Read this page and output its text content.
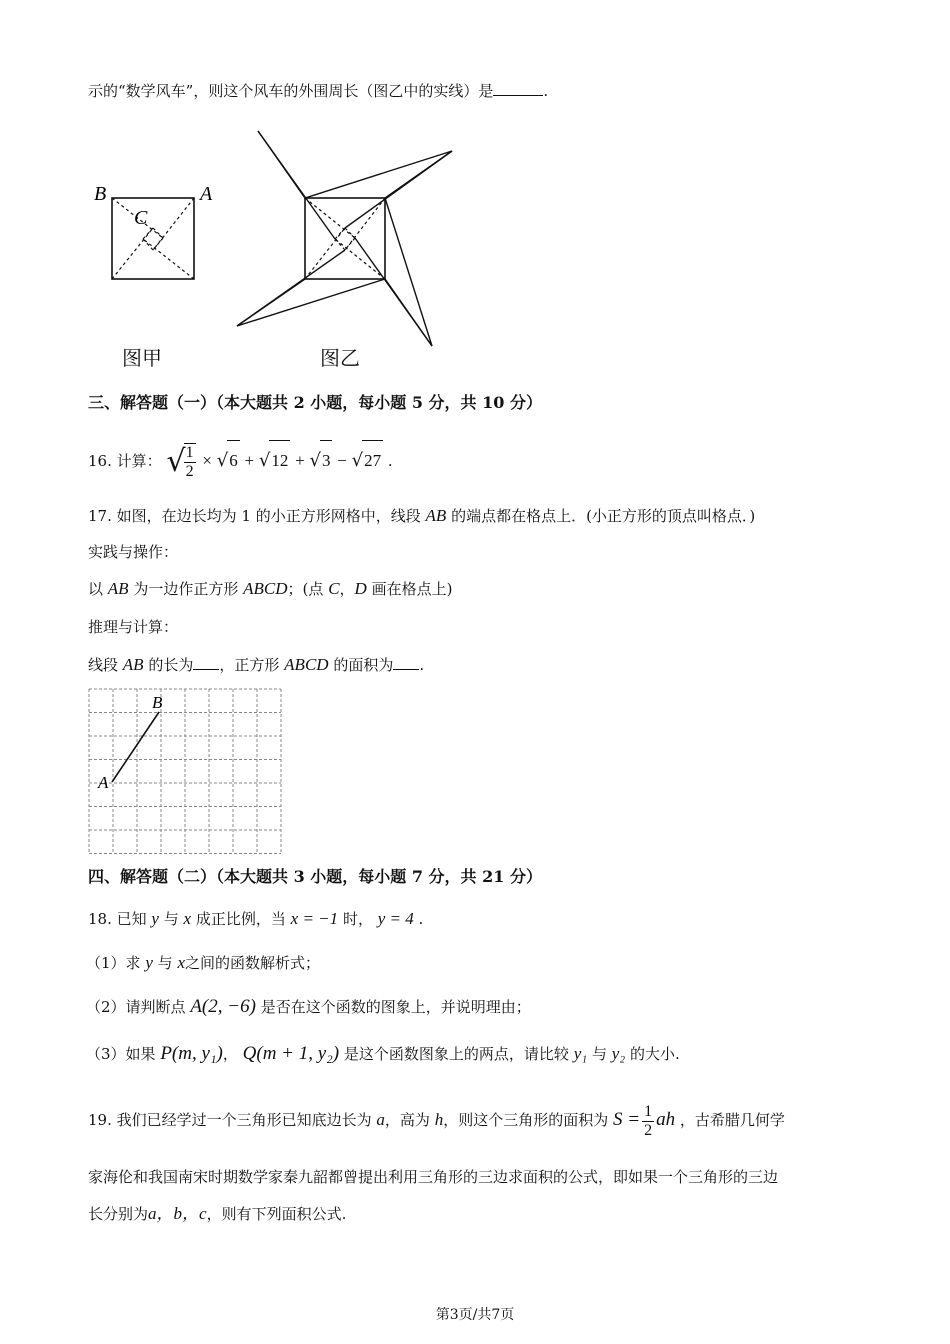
示的“数学风车”，则这个风车的外围周长（图乙中的实线）是	.
B	A
C
图甲	图乙
三、解答题（一）（本大题共 2 小题，每小题 5 分，共 10 分）
16. 计算： √
$\frac{1}{2} \times √6 + √12 + √3 - √27$ .
17. 如图，在边长均为 1 的小正方形网格中，线段 AB 的端点都在格点上．(小正方形的顶点叫格点．)
实践与操作：
以 AB 为一边作正方形 ABCD；(点 C，D 画在格点上)
推理与计算：
线段 AB 的长为 ，正方形 ABCD 的面积为 .
A
B
四、解答题（二）（本大题共 3 小题，每小题 7 分，共 21 分）
18. 已知 y 与 x 成正比例，当 x = −1 时， y = 4 .
（1）求 y 与 x之间的函数解析式；
（2）请判断点 A(2, −6) 是否在这个函数的图象上，并说明理由；
（3）如果 P(m, y₁)， Q(m + 1, y₂) 是这个函数图象上的两点，请比较 y₁ 与 y₂ 的大小.
19. 我们已经学过一个三角形已知底边长为 a，高为 h，则这个三角形的面积为 $S = \frac{1}{2}$ ah ，古希腊几何学
家海伦和我国南宋时期数学家秦九韶都曾提出利用三角形的三边求面积的公式，即如果一个三角形的三边
长分别为a，b，c，则有下列面积公式.
第3页/共7页
